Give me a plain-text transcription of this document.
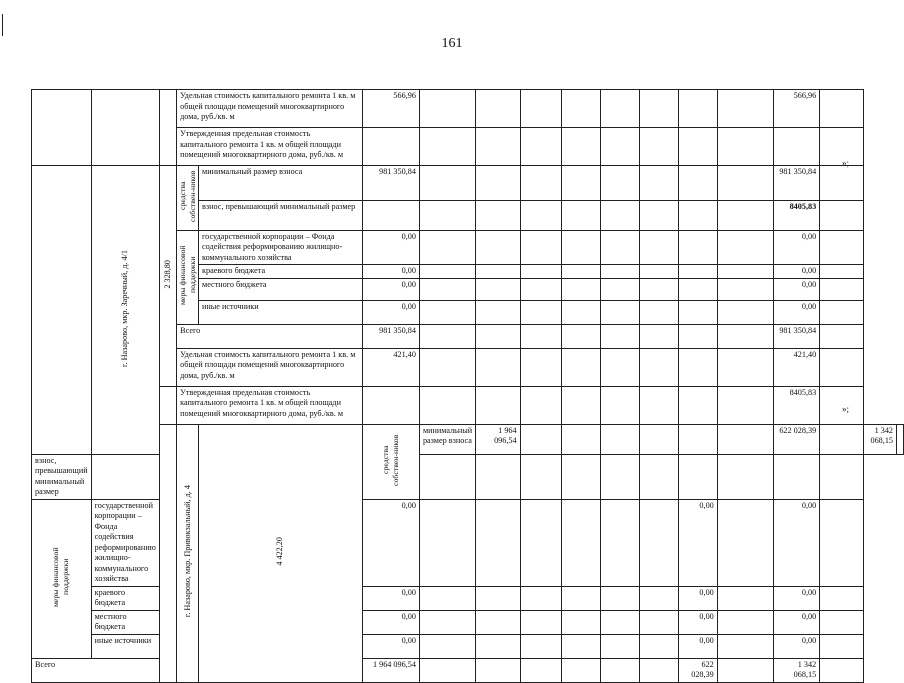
161
»;
»;
			Удельная стоимость капитального ремонта 1 кв. м общей площади помещений многоквартирного дома, руб./кв. м		566,96									566,96			
			Утвержденная предельная стоимость капитального ремонта 1 кв. м общей площади помещений многоквартирного дома, руб./кв. м														
	г. Назарово, мкр. Заречный, д. 4/1	2 328,80	средства собствен-ников	минимальный размер взноса	981 350,84									981 350,84			
				взнос, превышающий минимальный размер										8405,83			
			меры финансовой поддержки	государственной корпорации – Фонда содействия реформированию жилищно-коммунального хозяйства	0,00									0,00			
				краевого бюджета	0,00									0,00			
				местного бюджета	0,00									0,00			
				иные источники	0,00									0,00			
			Всего		981 350,84									981 350,84			
			Удельная стоимость капитального ремонта 1 кв. м общей площади помещений многоквартирного дома, руб./кв. м		421,40									421,40			
			Утвержденная предельная стоимость капитального ремонта 1 кв. м общей площади помещений многоквартирного дома, руб./кв. м											8405,83			
			г. Назарово, мкр. Привокзальный, д. 4	4 422,20	средства собствен-ников	минимальный размер взноса	1 964 096,54							622 028,39		1 342 068,15	
взнос, превышающий минимальный размер																	
меры финансовой поддержки	государственной корпорации – Фонда содействия реформированию жилищно-коммунального хозяйства				0,00							0,00		0,00			
	краевого бюджета				0,00							0,00		0,00			
	местного бюджета				0,00							0,00		0,00			
	иные источники				0,00							0,00		0,00			
Всего					1 964 096,54							622 028,39		1 342 068,15			
